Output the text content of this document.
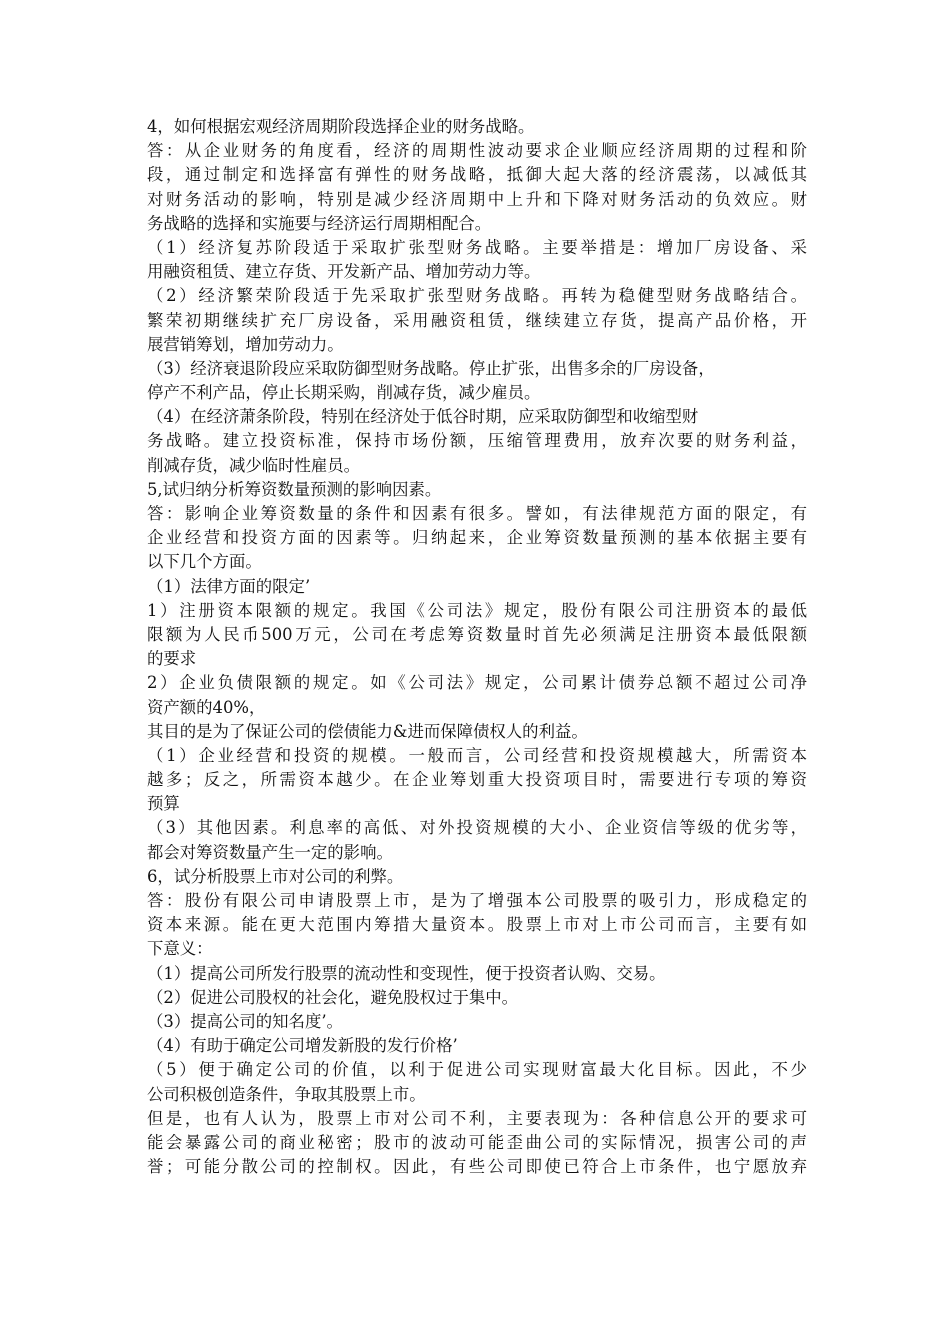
4，如何根据宏观经济周期阶段选择企业的财务战略。
答：从企业财务的角度看，经济的周期性波动要求企业顺应经济周期的过程和阶
段，通过制定和选择富有弹性的财务战略，抵御大起大落的经济震荡，以减低其
对财务活动的影响，特别是减少经济周期中上升和下降对财务活动的负效应。财
务战略的选择和实施要与经济运行周期相配合。
（1）经济复苏阶段适于采取扩张型财务战略。主要举措是：增加厂房设备、采
用融资租赁、建立存货、开发新产品、增加劳动力等。
（2）经济繁荣阶段适于先采取扩张型财务战略。再转为稳健型财务战略结合。
繁荣初期继续扩充厂房设备，采用融资租赁，继续建立存货，提高产品价格，开
展营销筹划，增加劳动力。
（3）经济衰退阶段应采取防御型财务战略。停止扩张，出售多余的厂房设备，
停产不利产品，停止长期采购，削减存货，减少雇员。
（4）在经济萧条阶段，特别在经济处于低谷时期，应采取防御型和收缩型财
务战略。建立投资标准，保持市场份额，压缩管理费用，放弃次要的财务利益，
削减存货，减少临时性雇员。
5,试归纳分析筹资数量预测的影响因素。
答：影响企业筹资数量的条件和因素有很多。譬如，有法律规范方面的限定，有
企业经营和投资方面的因素等。归纳起来，企业筹资数量预测的基本依据主要有
以下几个方面。
（1）法律方面的限定’
1）注册资本限额的规定。我国《公司法》规定，股份有限公司注册资本的最低
限额为人民币500万元，公司在考虑筹资数量时首先必须满足注册资本最低限额
的要求
2）企业负债限额的规定。如《公司法》规定，公司累计债券总额不超过公司净
资产额的40%，
其目的是为了保证公司的偿债能力&进而保障债权人的利益。
（1）企业经营和投资的规模。一般而言，公司经营和投资规模越大，所需资本
越多；反之，所需资本越少。在企业筹划重大投资项目时，需要进行专项的筹资
预算
（3）其他因素。利息率的高低、对外投资规模的大小、企业资信等级的优劣等，
都会对筹资数量产生一定的影响。
6，试分析股票上市对公司的利弊。
答：股份有限公司申请股票上市，是为了增强本公司股票的吸引力，形成稳定的
资本来源。能在更大范围内筹措大量资本。股票上市对上市公司而言，主要有如
下意义：
（1）提高公司所发行股票的流动性和变现性，便于投资者认购、交易。
（2）促进公司股权的社会化，避免股权过于集中。
（3）提高公司的知名度’。
（4）有助于确定公司增发新股的发行价格’
（5）便于确定公司的价值，以利于促进公司实现财富最大化目标。因此，不少
公司积极创造条件，争取其股票上市。
但是，也有人认为，股票上市对公司不利，主要表现为：各种信息公开的要求可
能会暴露公司的商业秘密；股市的波动可能歪曲公司的实际情况，损害公司的声
誉；可能分散公司的控制权。因此，有些公司即使已符合上市条件，也宁愿放弃
